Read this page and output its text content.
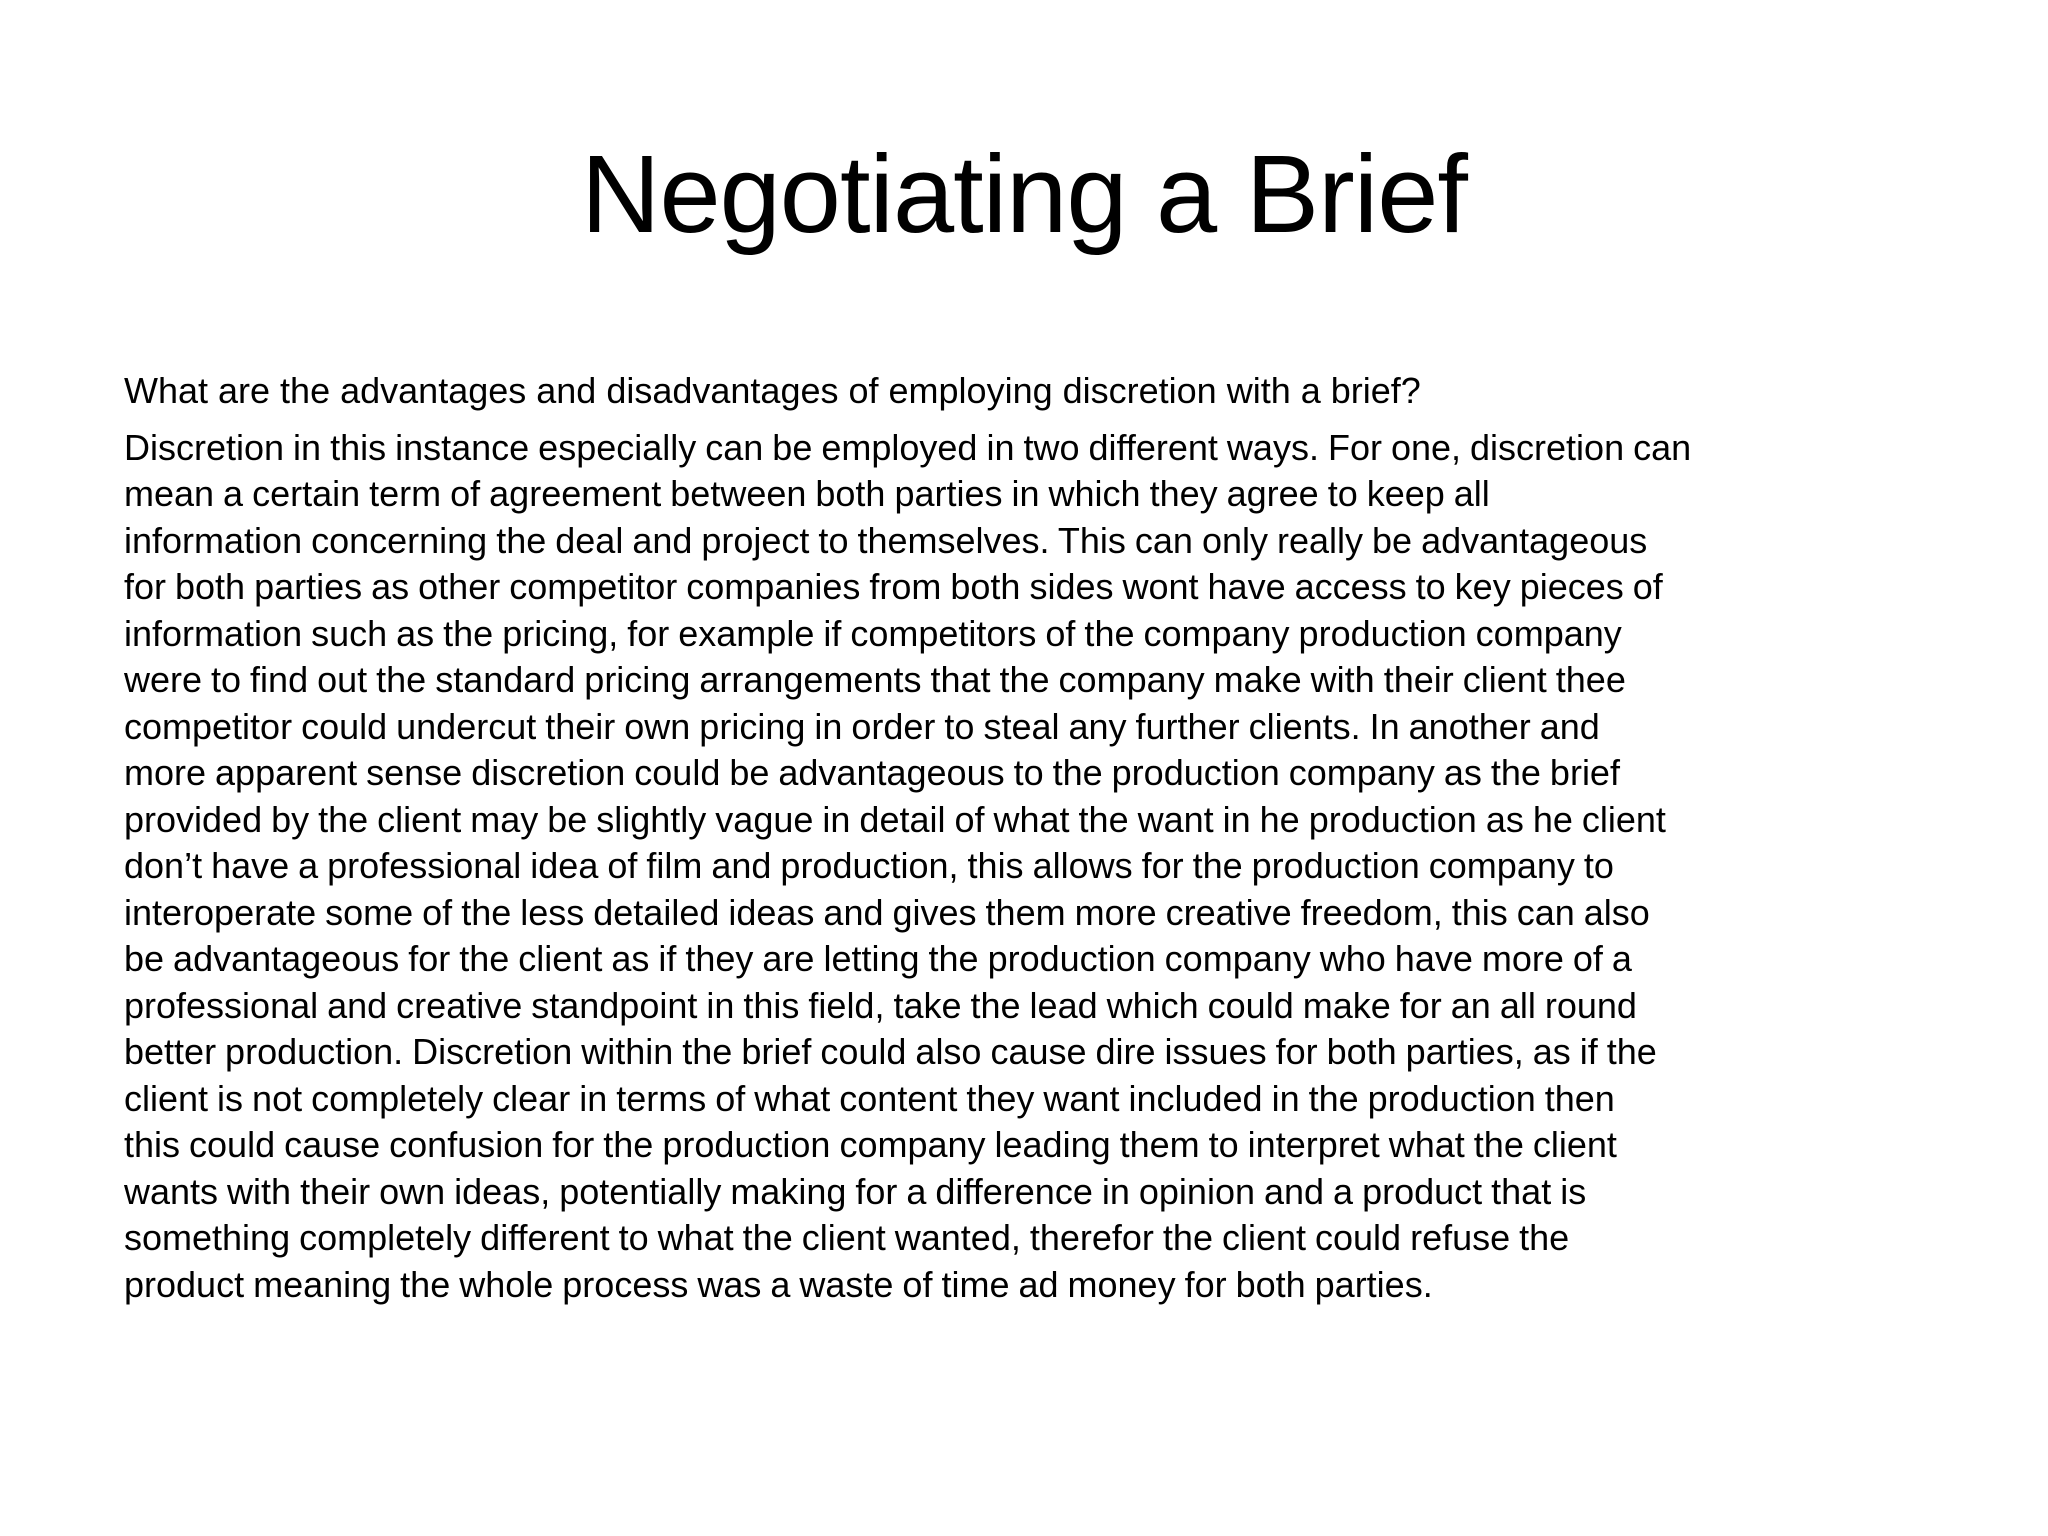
Negotiating a Brief

What are the advantages and disadvantages of employing discretion with a brief?

Discretion in this instance especially can be employed in two different ways. For one, discretion can
mean a certain term of agreement between both parties in which they agree to keep all
information concerning the deal and project to themselves. This can only really be advantageous
for both parties as other competitor companies from both sides wont have access to key pieces of
information such as the pricing, for example if competitors of the company production company
were to find out the standard pricing arrangements that the company make with their client thee
competitor could undercut their own pricing in order to steal any further clients. In another and
more apparent sense discretion could be advantageous to the production company as the brief
provided by the client may be slightly vague in detail of what the want in he production as he client
don’t have a professional idea of film and production, this allows for the production company to
interoperate some of the less detailed ideas and gives them more creative freedom, this can also
be advantageous for the client as if they are letting the production company who have more of a
professional and creative standpoint in this field, take the lead which could make for an all round
better production. Discretion within the brief could also cause dire issues for both parties, as if the
client is not completely clear in terms of what content they want included in the production then
this could cause confusion for the production company leading them to interpret what the client
wants with their own ideas, potentially making for a difference in opinion and a product that is
something completely different to what the client wanted, therefor the client could refuse the
product meaning the whole process was a waste of time ad money for both parties.
